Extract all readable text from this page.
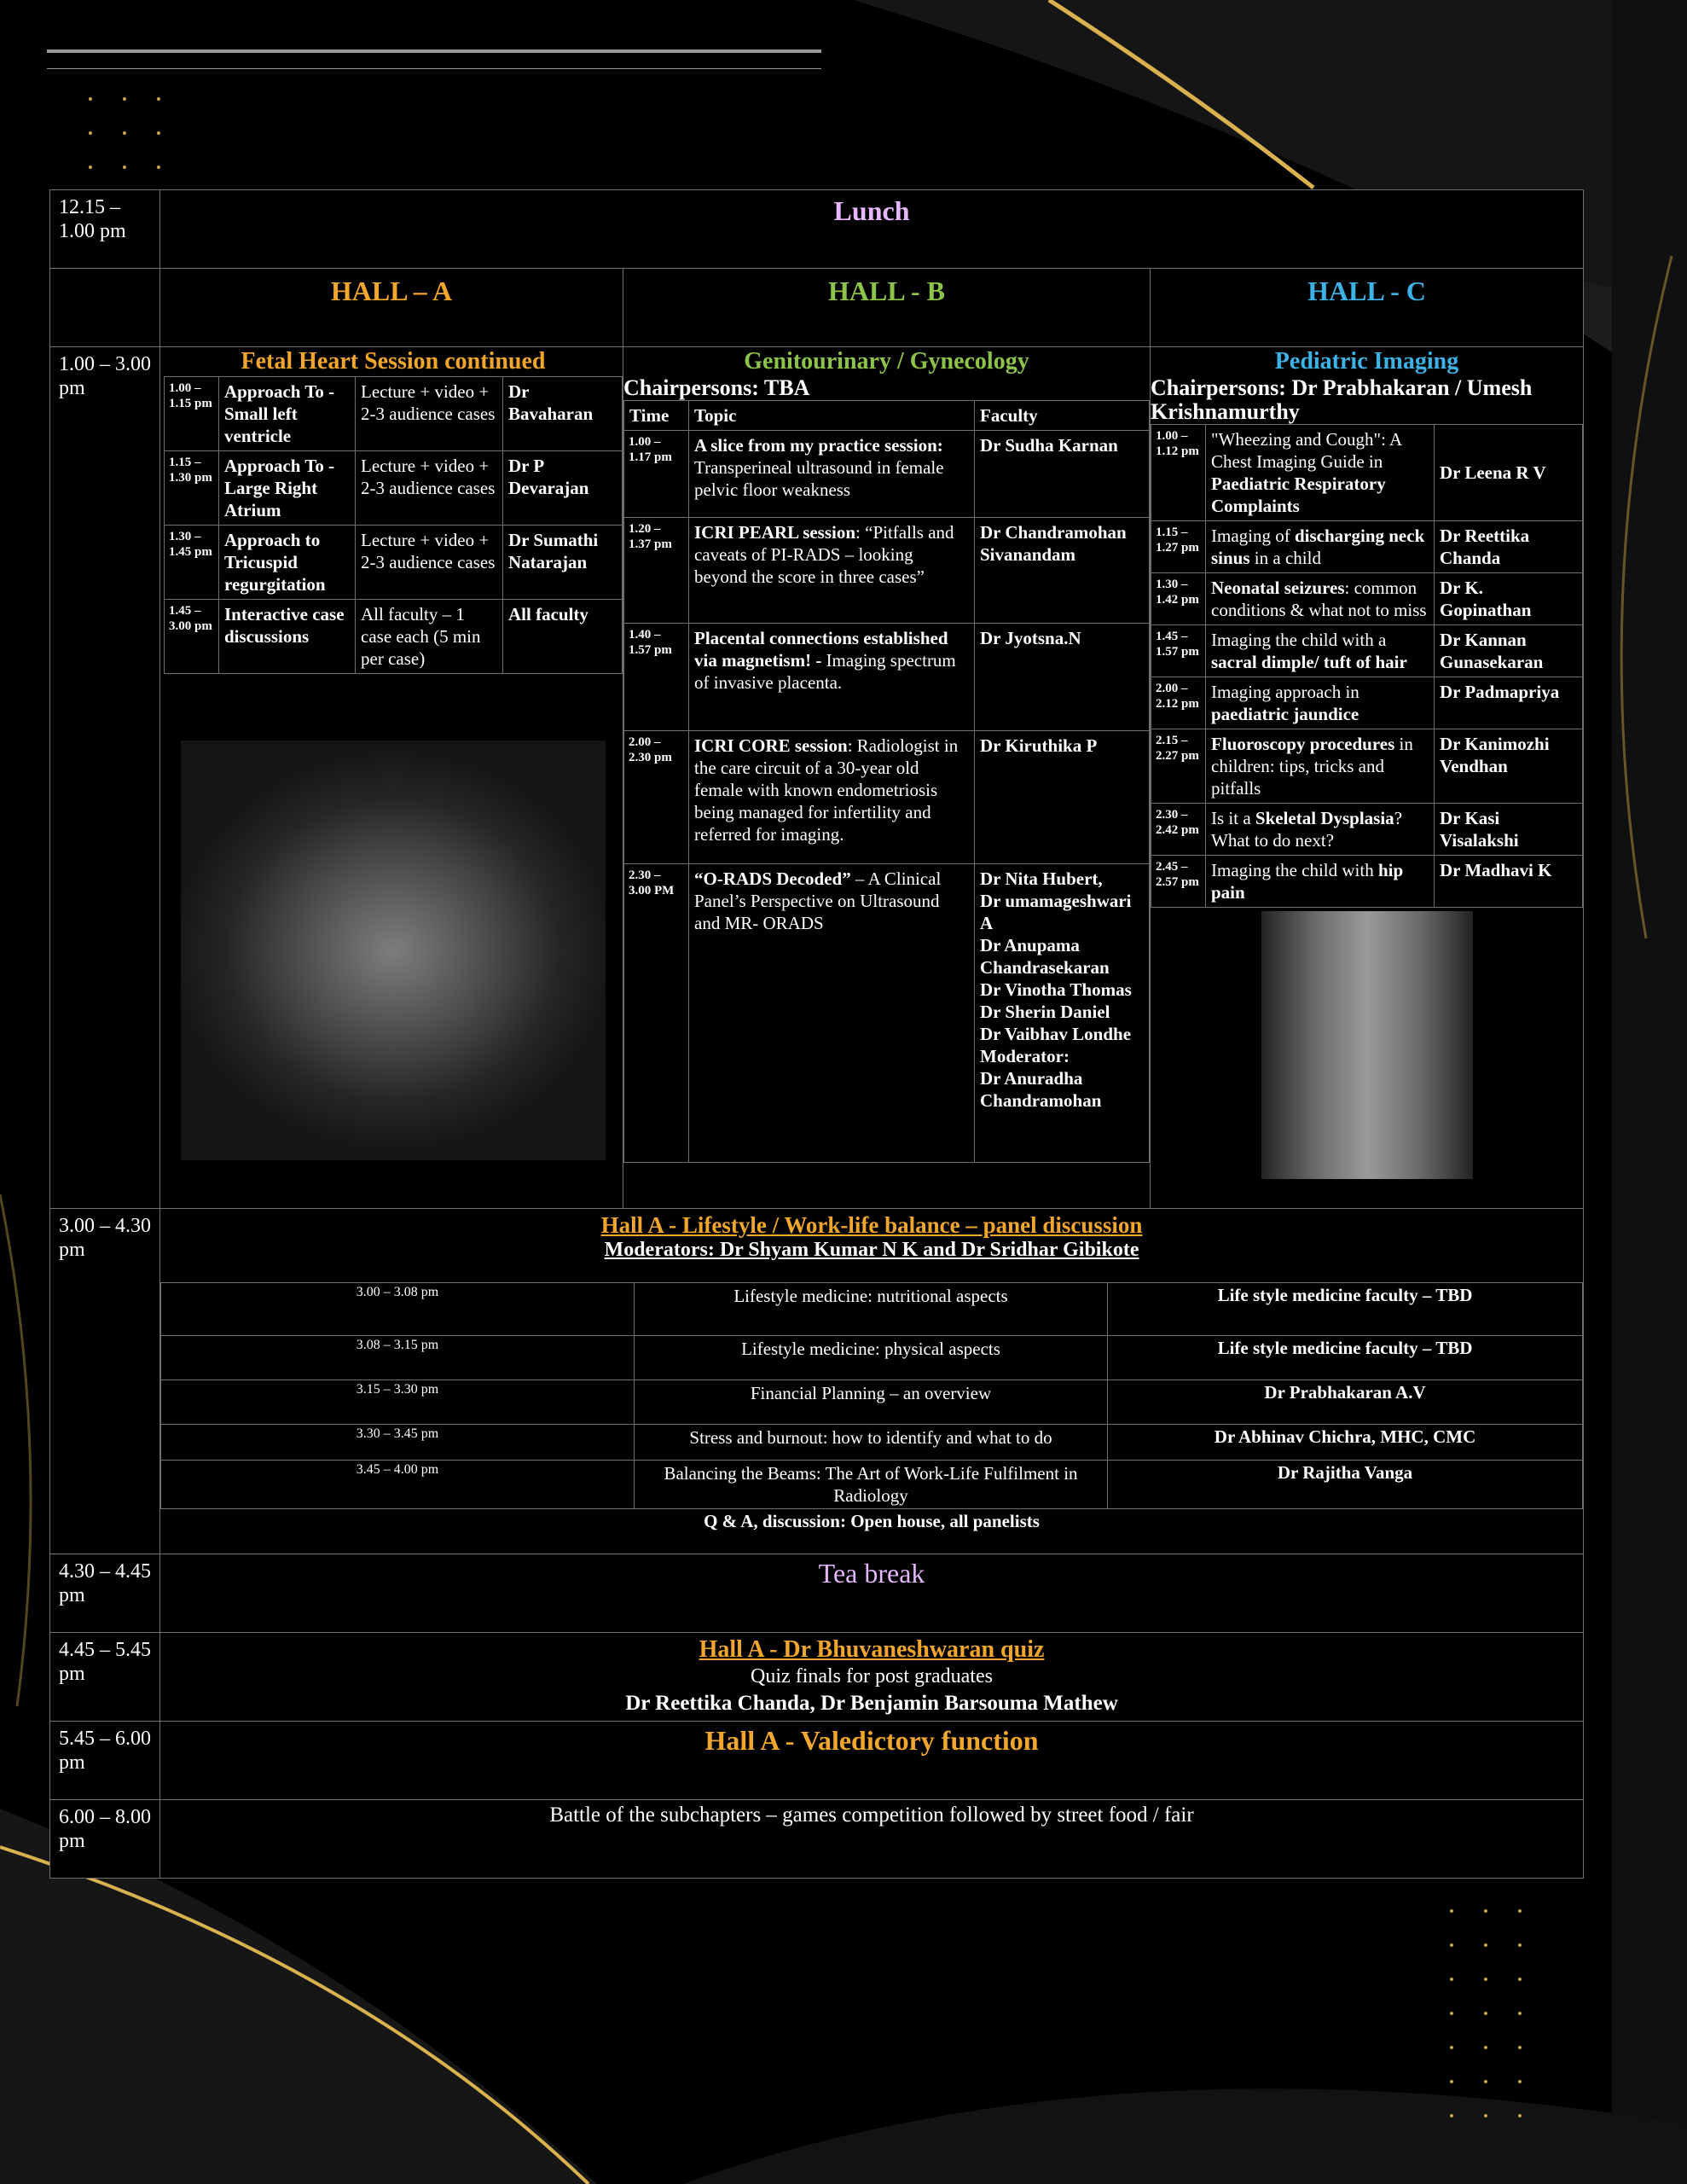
12.15 – 1.00 pm	Lunch
	HALL – A	HALL - B	HALL - C
1.00 – 3.00 pm	
Fetal Heart Session continued
1.00 – 1.15 pm	Approach To - Small left ventricle	Lecture + video + 2-3 audience cases	Dr Bavaharan
1.15 – 1.30 pm	Approach To - Large Right Atrium	Lecture + video + 2-3 audience cases	Dr P Devarajan
1.30 – 1.45 pm	Approach to Tricuspid regurgitation	Lecture + video + 2-3 audience cases	Dr Sumathi Natarajan
1.45 – 3.00 pm	Interactive case discussions	All faculty – 1 case each (5 min per case)	All faculty

Genitourinary / Gynecology
Chairpersons: TBA
Time	Topic	Faculty
1.00 – 1.17 pm	A slice from my practice session: Transperineal ultrasound in female pelvic floor weakness	Dr Sudha Karnan
1.20 – 1.37 pm	ICRI PEARL session: “Pitfalls and caveats of PI-RADS – looking beyond the score in three cases”	Dr Chandramohan Sivanandam
1.40 – 1.57 pm	Placental connections established via magnetism! - Imaging spectrum of invasive placenta.	Dr Jyotsna.N
2.00 – 2.30 pm	ICRI CORE session: Radiologist in the care circuit of a 30-year old female with known endometriosis being managed for infertility and referred for imaging.	Dr Kiruthika P
2.30 – 3.00 PM	“O-RADS Decoded” – A Clinical Panel’s Perspective on Ultrasound and MR- ORADS	Dr Nita Hubert,
Dr umamageshwari A
Dr Anupama Chandrasekaran
Dr Vinotha Thomas
Dr Sherin Daniel
Dr Vaibhav Londhe
Moderator:
Dr Anuradha Chandramohan

Pediatric Imaging
Chairpersons: Dr Prabhakaran / Umesh Krishnamurthy
1.00 – 1.12 pm	"Wheezing and Cough": A Chest Imaging Guide in Paediatric Respiratory Complaints	Dr Leena R V
1.15 – 1.27 pm	Imaging of discharging neck sinus in a child	Dr Reettika Chanda
1.30 – 1.42 pm	Neonatal seizures: common conditions & what not to miss	Dr K. Gopinathan
1.45 – 1.57 pm	Imaging the child with a sacral dimple/ tuft of hair	Dr Kannan Gunasekaran
2.00 – 2.12 pm	Imaging approach in paediatric jaundice	Dr Padmapriya
2.15 – 2.27 pm	Fluoroscopy procedures in children: tips, tricks and pitfalls	Dr Kanimozhi Vendhan
2.30 – 2.42 pm	Is it a Skeletal Dysplasia? What to do next?	Dr Kasi Visalakshi
2.45 – 2.57 pm	Imaging the child with hip pain	Dr Madhavi K

3.00 – 4.30 pm	
Hall A - Lifestyle / Work-life balance – panel discussion
Moderators: Dr Shyam Kumar N K and Dr Sridhar Gibikote
3.00 – 3.08 pm	Lifestyle medicine: nutritional aspects	Life style medicine faculty – TBD
3.08 – 3.15 pm	Lifestyle medicine: physical aspects	Life style medicine faculty – TBD
3.15 – 3.30 pm	Financial Planning – an overview	Dr Prabhakaran A.V
3.30 – 3.45 pm	Stress and burnout: how to identify and what to do	Dr Abhinav Chichra, MHC, CMC
3.45 – 4.00 pm	Balancing the Beams: The Art of Work-Life Fulfilment in Radiology	Dr Rajitha Vanga
Q & A, discussion: Open house, all panelists

4.30 – 4.45 pm	Tea break
4.45 – 5.45 pm	
Hall A - Dr Bhuvaneshwaran quiz
Quiz finals for post graduates
Dr Reettika Chanda, Dr Benjamin Barsouma Mathew

5.45 – 6.00 pm	Hall A - Valedictory function
6.00 – 8.00 pm	Battle of the subchapters – games competition followed by street food / fair
